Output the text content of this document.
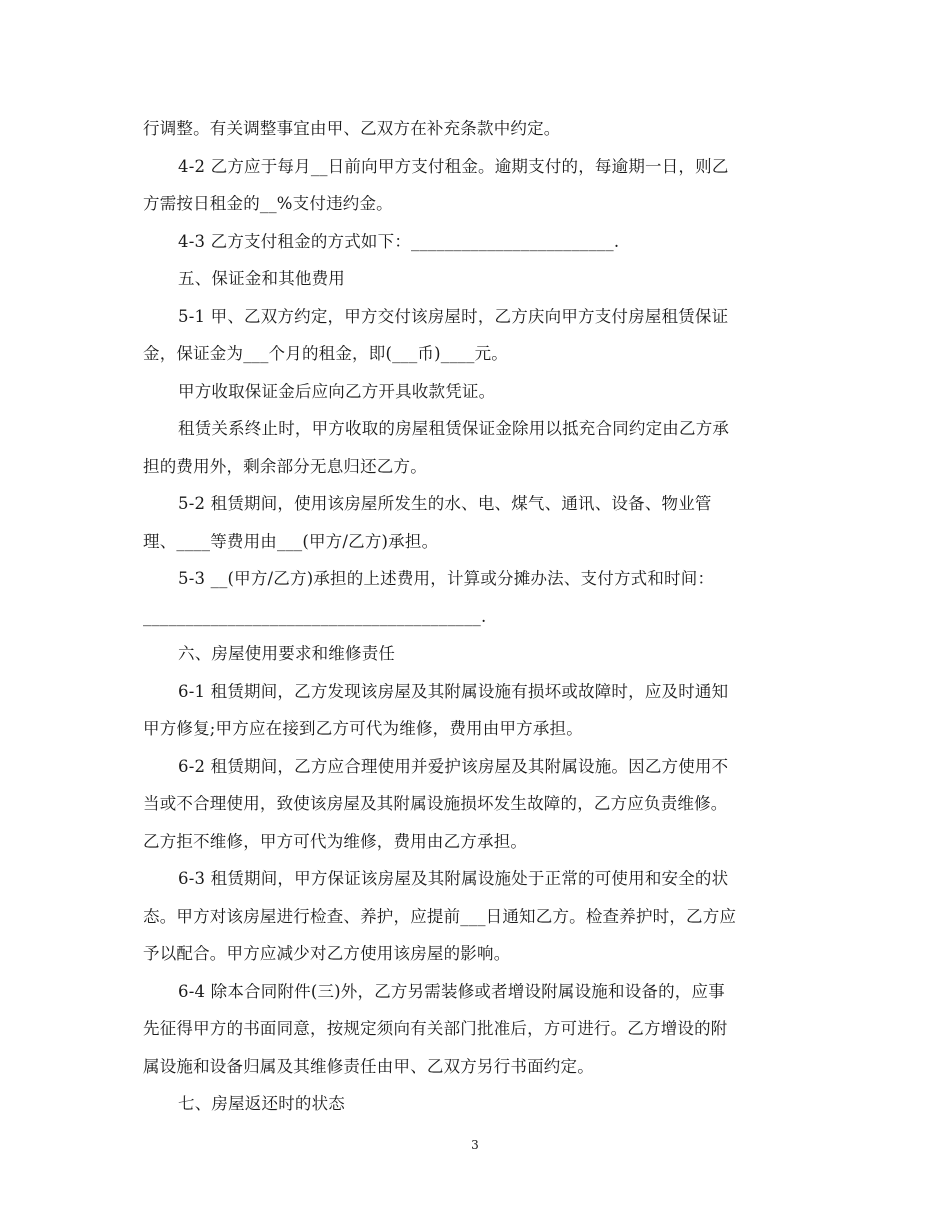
行调整。有关调整事宜由甲、乙双方在补充条款中约定。
4-2 乙方应于每月__日前向甲方支付租金。逾期支付的，每逾期一日，则乙
方需按日租金的__%支付违约金。
4-3 乙方支付租金的方式如下：________________________.
五、保证金和其他费用
5-1 甲、乙双方约定，甲方交付该房屋时，乙方庆向甲方支付房屋租赁保证
金，保证金为___个月的租金，即(___币)____元。
甲方收取保证金后应向乙方开具收款凭证。
租赁关系终止时，甲方收取的房屋租赁保证金除用以抵充合同约定由乙方承
担的费用外，剩余部分无息归还乙方。
5-2 租赁期间，使用该房屋所发生的水、电、煤气、通讯、设备、物业管
理、____等费用由___(甲方/乙方)承担。
5-3 __(甲方/乙方)承担的上述费用，计算或分摊办法、支付方式和时间：
________________________________________.
六、房屋使用要求和维修责任
6-1 租赁期间，乙方发现该房屋及其附属设施有损坏或故障时，应及时通知
甲方修复;甲方应在接到乙方可代为维修，费用由甲方承担。
6-2 租赁期间，乙方应合理使用并爱护该房屋及其附属设施。因乙方使用不
当或不合理使用，致使该房屋及其附属设施损坏发生故障的，乙方应负责维修。
乙方拒不维修，甲方可代为维修，费用由乙方承担。
6-3 租赁期间，甲方保证该房屋及其附属设施处于正常的可使用和安全的状
态。甲方对该房屋进行检查、养护，应提前___日通知乙方。检查养护时，乙方应
予以配合。甲方应减少对乙方使用该房屋的影响。
6-4 除本合同附件(三)外，乙方另需装修或者增设附属设施和设备的，应事
先征得甲方的书面同意，按规定须向有关部门批准后，方可进行。乙方增设的附
属设施和设备归属及其维修责任由甲、乙双方另行书面约定。
七、房屋返还时的状态
3
